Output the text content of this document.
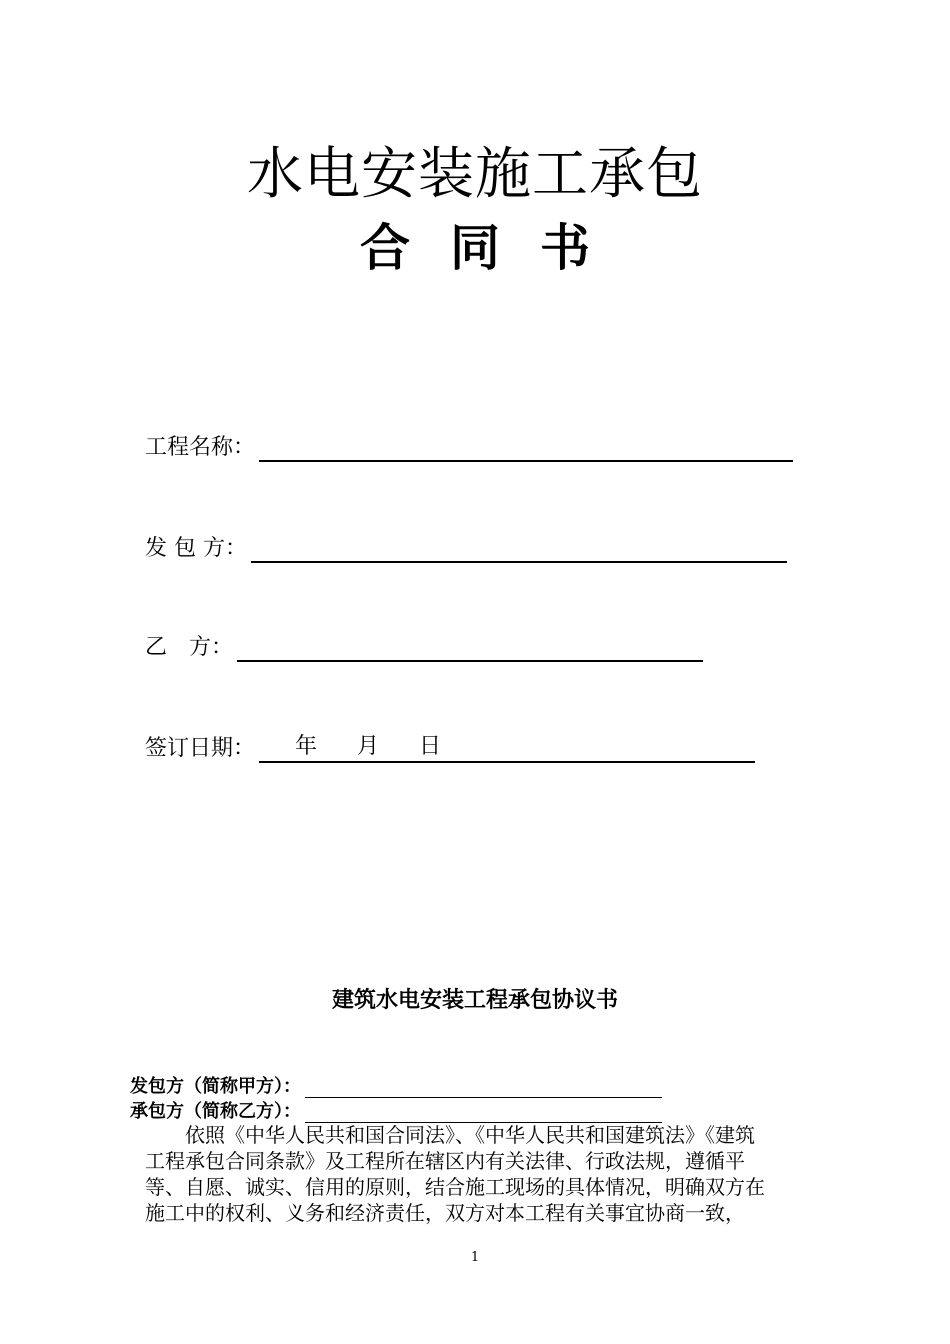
水电安装施工承包
合同书
工程名称：
发 包 方：
乙　方：
签订日期：	年 月 日
建筑水电安装工程承包协议书
发包方（简称甲方）：
承包方（简称乙方）：
　　依照《中华人民共和国合同法》、《中华人民共和国建筑法》《建筑
工程承包合同条款》及工程所在辖区内有关法律、行政法规，遵循平
等、自愿、诚实、信用的原则，结合施工现场的具体情况，明确双方在
施工中的权利、义务和经济责任，双方对本工程有关事宜协商一致，
1
